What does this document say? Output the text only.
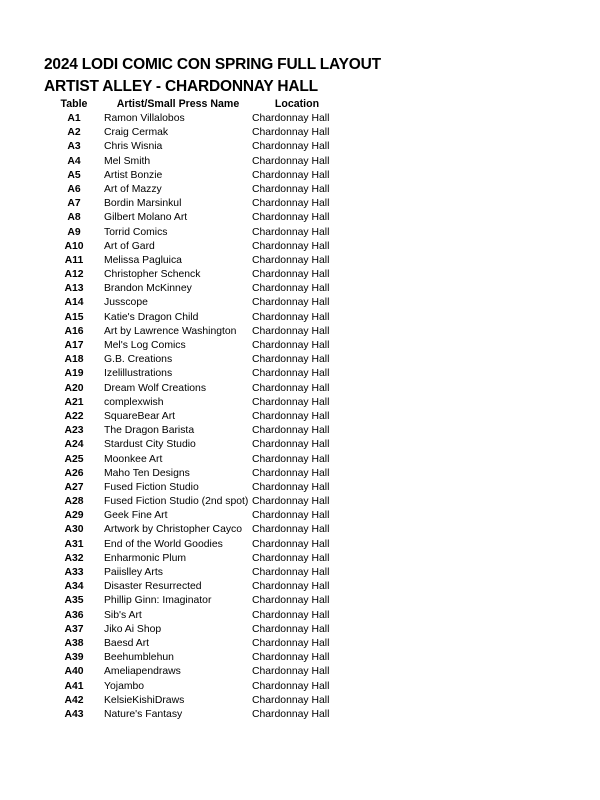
2024 LODI COMIC CON SPRING FULL LAYOUT
ARTIST ALLEY - CHARDONNAY HALL
Table	Artist/Small Press Name	Location
A1	Ramon Villalobos	Chardonnay Hall
A2	Craig Cermak	Chardonnay Hall
A3	Chris Wisnia	Chardonnay Hall
A4	Mel Smith	Chardonnay Hall
A5	Artist Bonzie	Chardonnay Hall
A6	Art of Mazzy	Chardonnay Hall
A7	Bordin Marsinkul	Chardonnay Hall
A8	Gilbert Molano Art	Chardonnay Hall
A9	Torrid Comics	Chardonnay Hall
A10	Art of Gard	Chardonnay Hall
A11	Melissa Pagluica	Chardonnay Hall
A12	Christopher Schenck	Chardonnay Hall
A13	Brandon McKinney	Chardonnay Hall
A14	Jusscope	Chardonnay Hall
A15	Katie's Dragon Child	Chardonnay Hall
A16	Art by Lawrence Washington	Chardonnay Hall
A17	Mel's Log Comics	Chardonnay Hall
A18	G.B. Creations	Chardonnay Hall
A19	Izelillustrations	Chardonnay Hall
A20	Dream Wolf Creations	Chardonnay Hall
A21	complexwish	Chardonnay Hall
A22	SquareBear Art	Chardonnay Hall
A23	The Dragon Barista	Chardonnay Hall
A24	Stardust City Studio	Chardonnay Hall
A25	Moonkee Art	Chardonnay Hall
A26	Maho Ten Designs	Chardonnay Hall
A27	Fused Fiction Studio	Chardonnay Hall
A28	Fused Fiction Studio (2nd spot) Chardonnay Hall
A29	Geek Fine Art	Chardonnay Hall
A30	Artwork by Christopher Cayco Chardonnay Hall
A31	End of the World Goodies	Chardonnay Hall
A32	Enharmonic Plum	Chardonnay Hall
A33	Paiislley Arts	Chardonnay Hall
A34	Disaster Resurrected	Chardonnay Hall
A35	Phillip Ginn: Imaginator	Chardonnay Hall
A36	Sib's Art	Chardonnay Hall
A37	Jiko Ai Shop	Chardonnay Hall
A38	Baesd Art	Chardonnay Hall
A39	Beehumblehun	Chardonnay Hall
A40	Ameliapendraws	Chardonnay Hall
A41	Yojambo	Chardonnay Hall
A42	KelsieKishiDraws	Chardonnay Hall
A43	Nature's Fantasy	Chardonnay Hall
